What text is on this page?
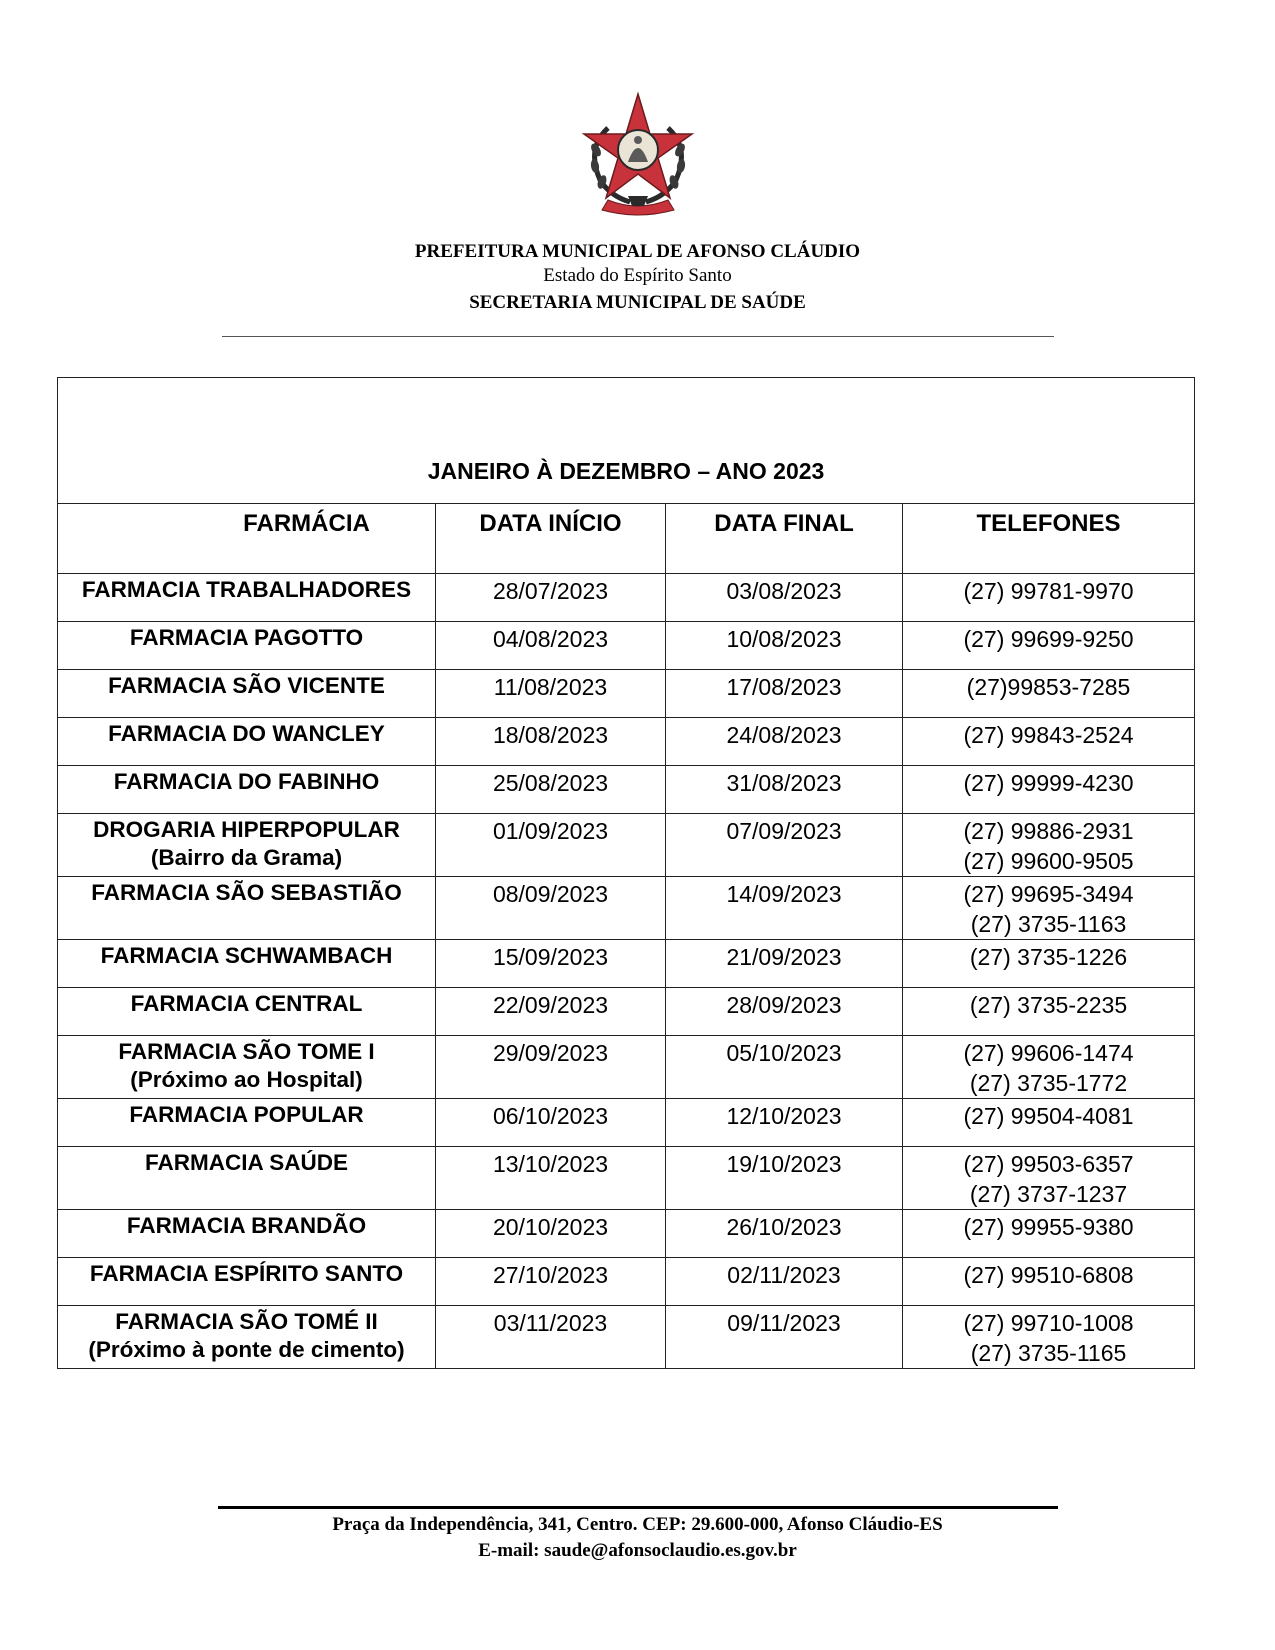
PREFEITURA MUNICIPAL DE AFONSO CLÁUDIO
Estado do Espírito Santo
SECRETARIA MUNICIPAL DE SAÚDE
JANEIRO À DEZEMBRO – ANO 2023			
FARMÁCIA	DATA INÍCIO	DATA FINAL	TELEFONES

FARMACIA TRABALHADORES	28/07/2023	03/08/2023	(27) 99781-9970

FARMACIA PAGOTTO	04/08/2023	10/08/2023	(27) 99699-9250

FARMACIA SÃO VICENTE	11/08/2023	17/08/2023	(27)99853-7285

FARMACIA DO WANCLEY	18/08/2023	24/08/2023	(27) 99843-2524

FARMACIA DO FABINHO	25/08/2023	31/08/2023	(27) 99999-4230

DROGARIA HIPERPOPULAR
(Bairro da Grama)	01/09/2023	07/09/2023	(27) 99886-2931
(27) 99600-9505

FARMACIA SÃO SEBASTIÃO	08/09/2023	14/09/2023	(27) 99695-3494
(27) 3735-1163

FARMACIA SCHWAMBACH	15/09/2023	21/09/2023	(27) 3735-1226

FARMACIA CENTRAL	22/09/2023	28/09/2023	(27) 3735-2235

FARMACIA SÃO TOME I
(Próximo ao Hospital)	29/09/2023	05/10/2023	(27) 99606-1474
(27) 3735-1772

FARMACIA POPULAR	06/10/2023	12/10/2023	(27) 99504-4081

FARMACIA SAÚDE	13/10/2023	19/10/2023	(27) 99503-6357
(27) 3737-1237

FARMACIA BRANDÃO	20/10/2023	26/10/2023	(27) 99955-9380

FARMACIA ESPÍRITO SANTO	27/10/2023	02/11/2023	(27) 99510-6808

FARMACIA SÃO TOMÉ II
(Próximo à ponte de cimento)	03/11/2023	09/11/2023	(27) 99710-1008
(27) 3735-1165
Praça da Independência, 341, Centro. CEP: 29.600-000, Afonso Cláudio-ES
E-mail: saude@afonsoclaudio.es.gov.br
